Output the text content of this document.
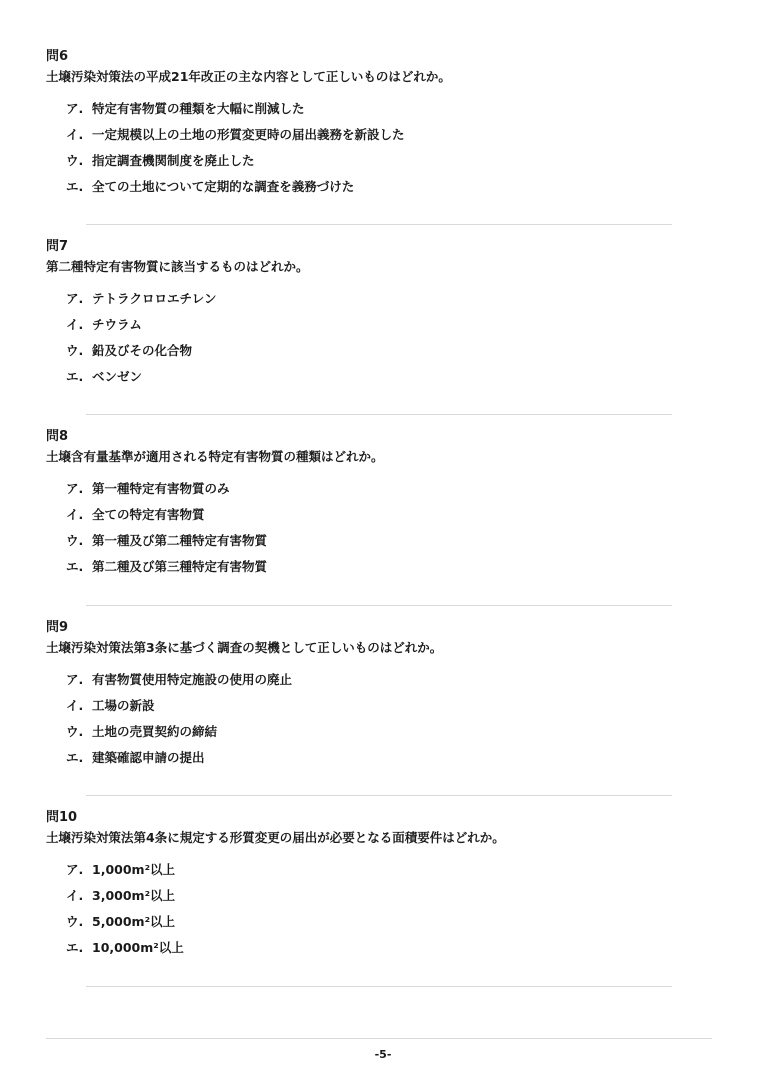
問6
土壌汚染対策法の平成21年改正の主な内容として正しいものはどれか。
ア. 特定有害物質の種類を大幅に削減した
イ. 一定規模以上の土地の形質変更時の届出義務を新設した
ウ. 指定調査機関制度を廃止した
エ. 全ての土地について定期的な調査を義務づけた
問7
第二種特定有害物質に該当するものはどれか。
ア. テトラクロロエチレン
イ. チウラム
ウ. 鉛及びその化合物
エ. ベンゼン
問8
土壌含有量基準が適用される特定有害物質の種類はどれか。
ア. 第一種特定有害物質のみ
イ. 全ての特定有害物質
ウ. 第一種及び第二種特定有害物質
エ. 第二種及び第三種特定有害物質
問9
土壌汚染対策法第3条に基づく調査の契機として正しいものはどれか。
ア. 有害物質使用特定施設の使用の廃止
イ. 工場の新設
ウ. 土地の売買契約の締結
エ. 建築確認申請の提出
問10
土壌汚染対策法第4条に規定する形質変更の届出が必要となる面積要件はどれか。
ア. 1,000m²以上
イ. 3,000m²以上
ウ. 5,000m²以上
エ. 10,000m²以上
-5-
